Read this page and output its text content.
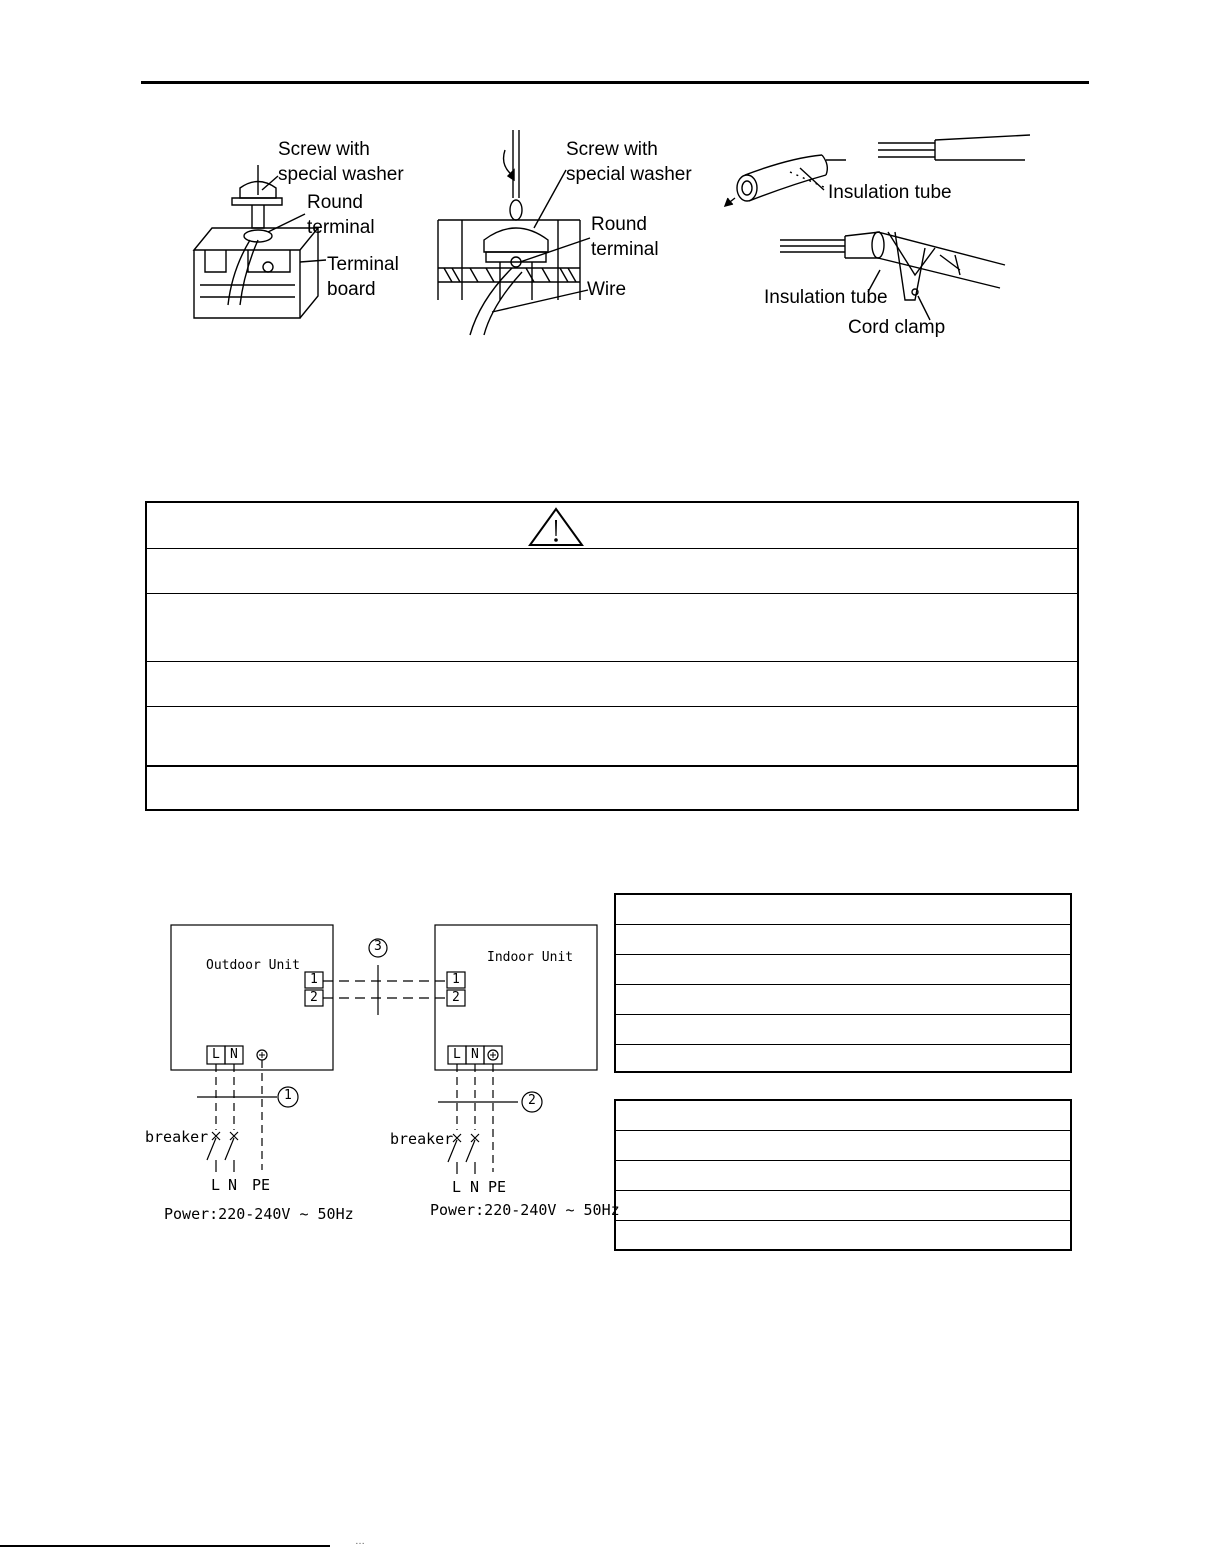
Screw with
special washer
Round
terminal
Terminal
board
Screw with
special washer
Round
terminal
Wire
Insulation tube
Insulation tube
Cord clamp
Outdoor Unit
Indoor Unit
1
2
1
2
L N	L N
3
1	2
breaker	breaker
L N PE	L N PE
Power:220-240V ~ 50Hz	Power:220-240V ~ 50Hz
…
